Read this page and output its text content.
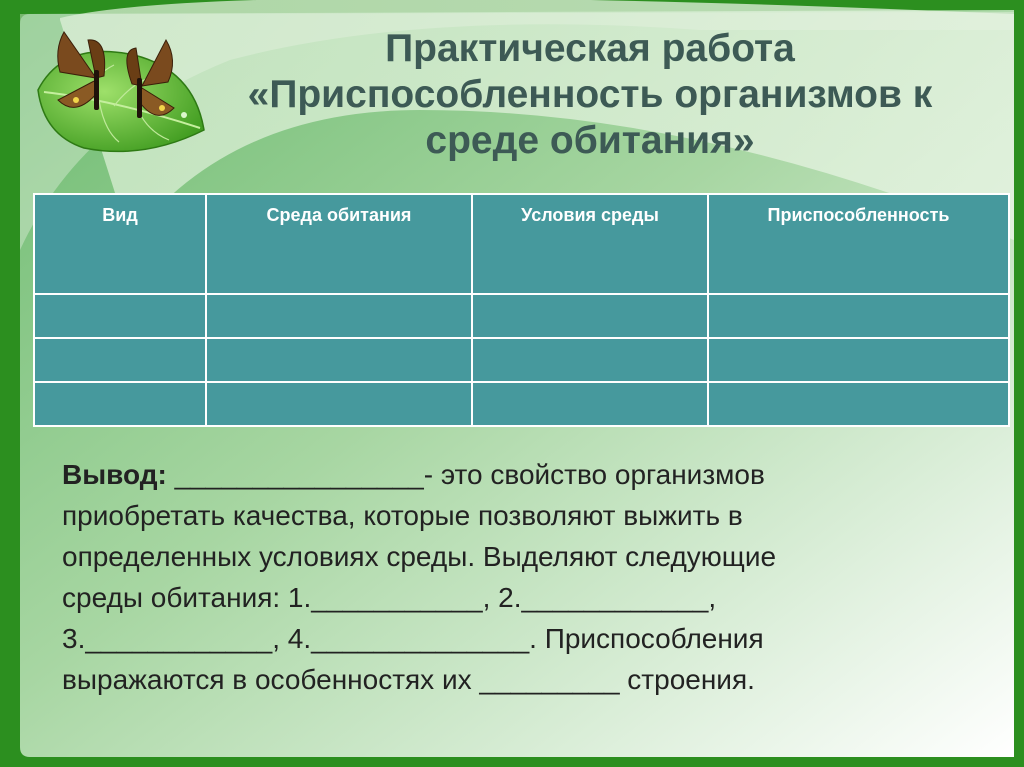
Практическая работа
«Приспособленность организмов к
среде обитания»
Вид	Среда обитания	Условия среды	Приспособленность

Вывод: ________________- это свойство организмов
приобретать качества, которые позволяют выжить в
определенных условиях среды. Выделяют следующие
среды обитания: 1.___________, 2.____________,
3.____________, 4.______________. Приспособления
выражаются в особенностях их _________ строения.
